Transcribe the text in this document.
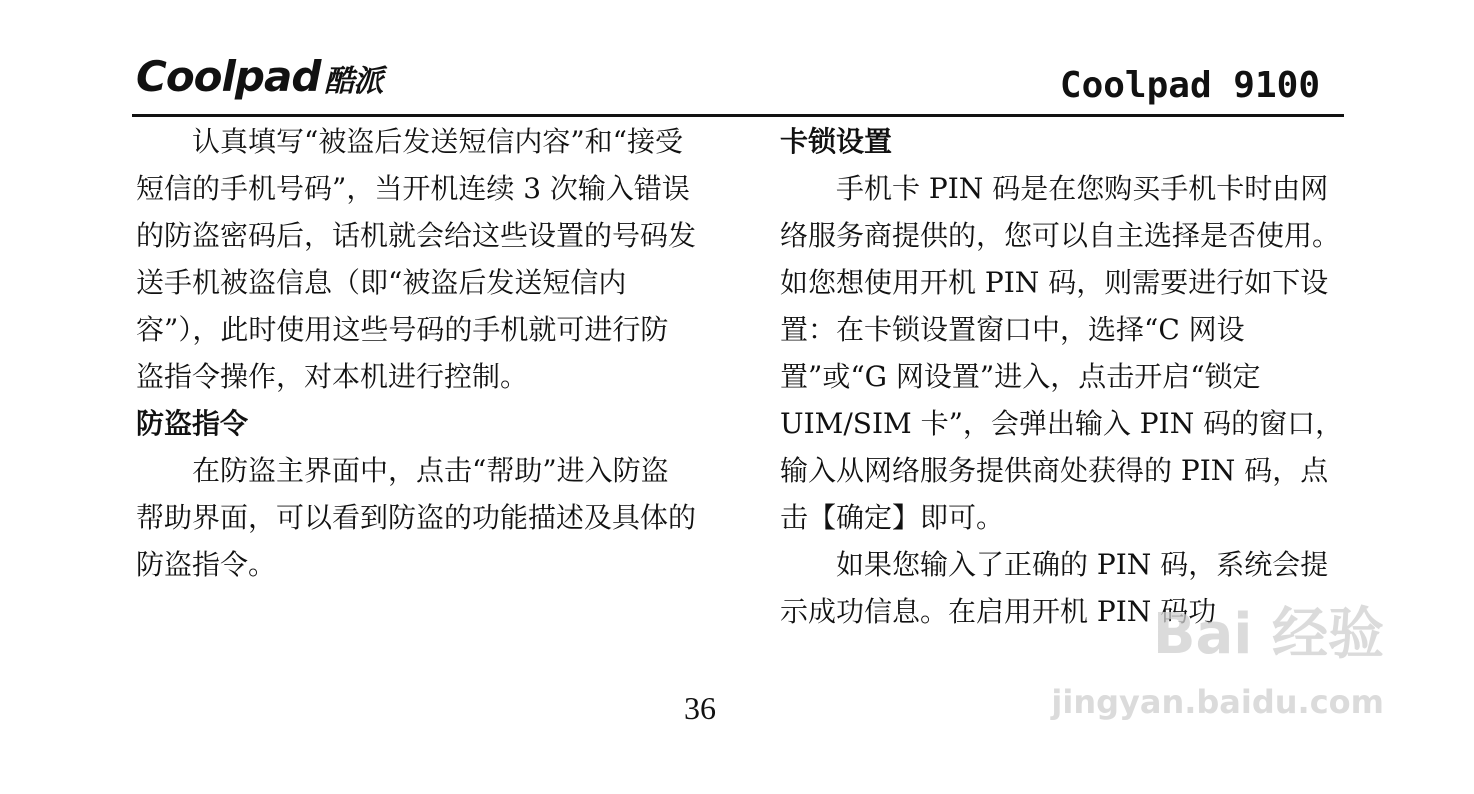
Coolpad 酷派	Coolpad 9100

认真填写“被盗后发送短信内容”和“接受短信的手机号码”，当开机连续 3 次输入错误的防盗密码后，话机就会给这些设置的号码发送手机被盗信息（即“被盗后发送短信内容”），此时使用这些号码的手机就可进行防盗指令操作，对本机进行控制。

防盗指令

在防盗主界面中，点击“帮助”进入防盗帮助界面，可以看到防盗的功能描述及具体的防盗指令。

卡锁设置

手机卡 PIN 码是在您购买手机卡时由网络服务商提供的，您可以自主选择是否使用。如您想使用开机 PIN 码，则需要进行如下设置：在卡锁设置窗口中，选择“C 网设置”或“G 网设置”进入，点击开启“锁定 UIM/SIM 卡”，会弹出输入 PIN 码的窗口，输入从网络服务提供商处获得的 PIN 码，点击【确定】即可。

如果您输入了正确的 PIN 码，系统会提示成功信息。在启用开机 PIN 码功

36
Bai 经验
jingyan.baidu.com
